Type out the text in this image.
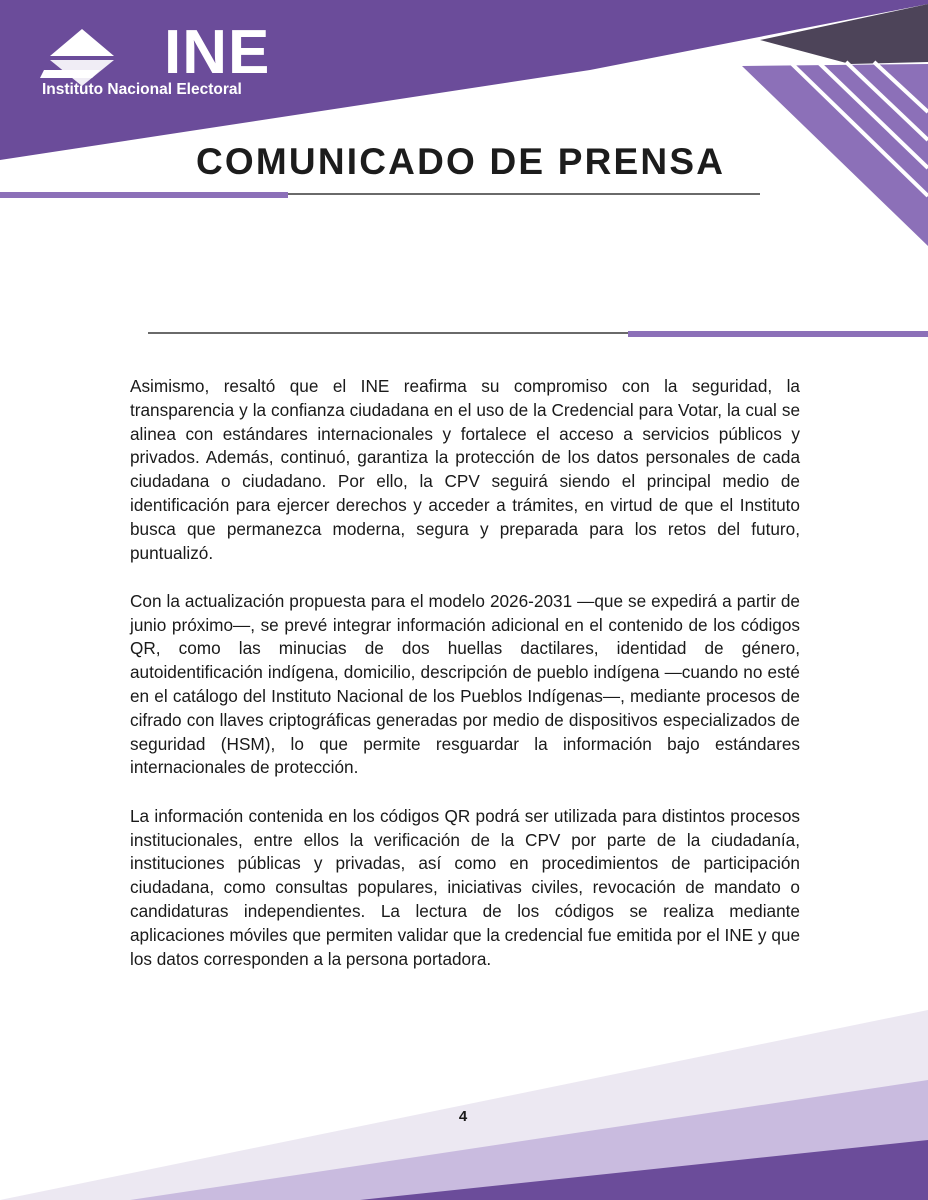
INE
Instituto Nacional Electoral
COMUNICADO DE PRENSA

Asimismo, resaltó que el INE reafirma su compromiso con la seguridad, la transparencia y la confianza ciudadana en el uso de la Credencial para Votar, la cual se alinea con estándares internacionales y fortalece el acceso a servicios públicos y privados. Además, continuó, garantiza la protección de los datos personales de cada ciudadana o ciudadano. Por ello, la CPV seguirá siendo el principal medio de identificación para ejercer derechos y acceder a trámites, en virtud de que el Instituto busca que permanezca moderna, segura y preparada para los retos del futuro, puntualizó.

Con la actualización propuesta para el modelo 2026-2031 —que se expedirá a partir de junio próximo—, se prevé integrar información adicional en el contenido de los códigos QR, como las minucias de dos huellas dactilares, identidad de género, autoidentificación indígena, domicilio, descripción de pueblo indígena —cuando no esté en el catálogo del Instituto Nacional de los Pueblos Indígenas—, mediante procesos de cifrado con llaves criptográficas generadas por medio de dispositivos especializados de seguridad (HSM), lo que permite resguardar la información bajo estándares internacionales de protección.

La información contenida en los códigos QR podrá ser utilizada para distintos procesos institucionales, entre ellos la verificación de la CPV por parte de la ciudadanía, instituciones públicas y privadas, así como en procedimientos de participación ciudadana, como consultas populares, iniciativas civiles, revocación de mandato o candidaturas independientes. La lectura de los códigos se realiza mediante aplicaciones móviles que permiten validar que la credencial fue emitida por el INE y que los datos corresponden a la persona portadora.

4
